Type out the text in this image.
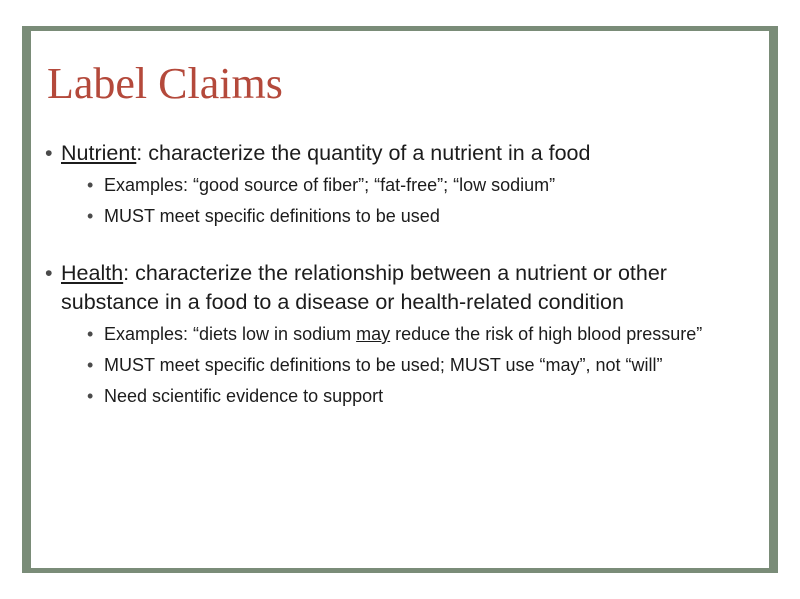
Label Claims
• Nutrient: characterize the quantity of a nutrient in a food
• Examples: “good source of fiber”; “fat-free”; “low sodium”
• MUST meet specific definitions to be used
• Health: characterize the relationship between a nutrient or other substance in a food to a disease or health-related condition
• Examples: “diets low in sodium may reduce the risk of high blood pressure”
• MUST meet specific definitions to be used; MUST use “may”, not “will”
• Need scientific evidence to support
